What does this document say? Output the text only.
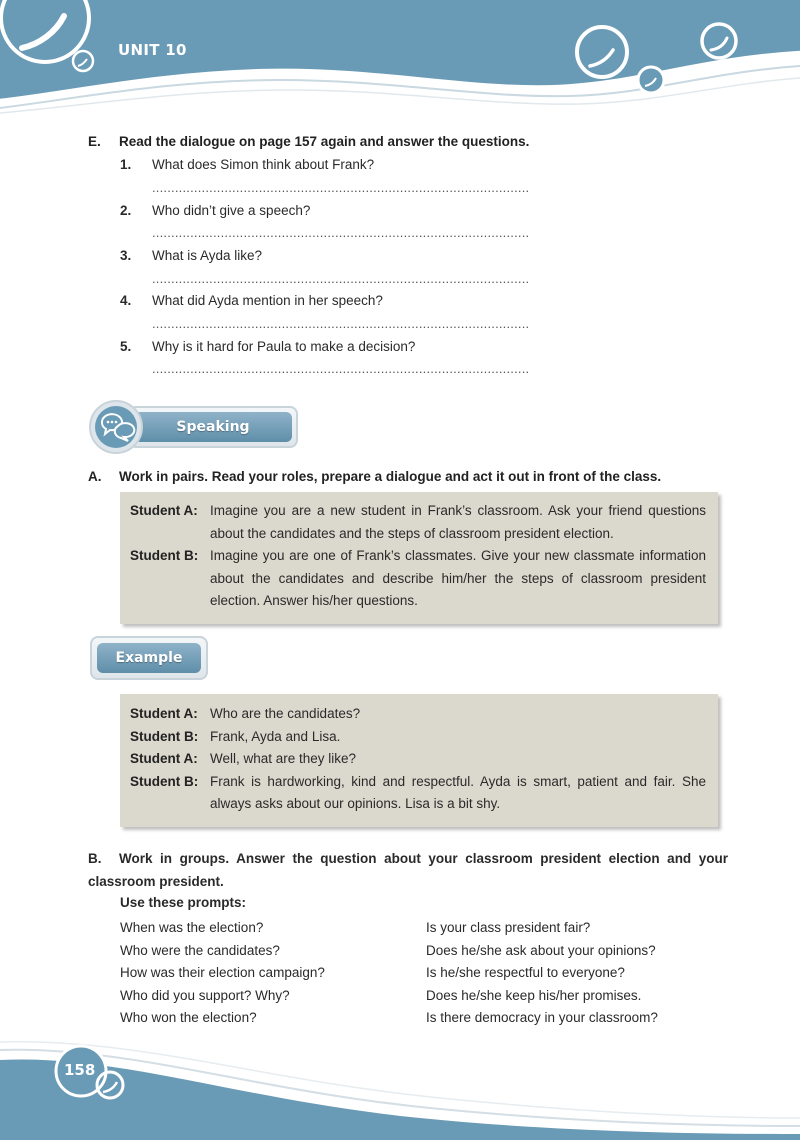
UNIT 10
E. Read the dialogue on page 157 again and answer the questions.
1. What does Simon think about Frank?
...................................................................................................
2. Who didn’t give a speech?
...................................................................................................
3. What is Ayda like?
...................................................................................................
4. What did Ayda mention in her speech?
...................................................................................................
5. Why is it hard for Paula to make a decision?
...................................................................................................
Speaking
A. Work in pairs. Read your roles, prepare a dialogue and act it out in front of the class.
Student A: Imagine you are a new student in Frank’s classroom. Ask your friend questions about the candidates and the steps of classroom president election.
Student B: Imagine you are one of Frank’s classmates. Give your new classmate information about the candidates and describe him/her the steps of classroom president election. Answer his/her questions.
Example
Student A: Who are the candidates?
Student B: Frank, Ayda and Lisa.
Student A: Well, what are they like?
Student B: Frank is hardworking, kind and respectful. Ayda is smart, patient and fair. She always asks about our opinions. Lisa is a bit shy.
B. Work in groups. Answer the question about your classroom president election and your classroom president.
Use these prompts:
When was the election?
Who were the candidates?
How was their election campaign?
Who did you support? Why?
Who won the election?
Is your class president fair?
Does he/she ask about your opinions?
Is he/she respectful to everyone?
Does he/she keep his/her promises.
Is there democracy in your classroom?
158
